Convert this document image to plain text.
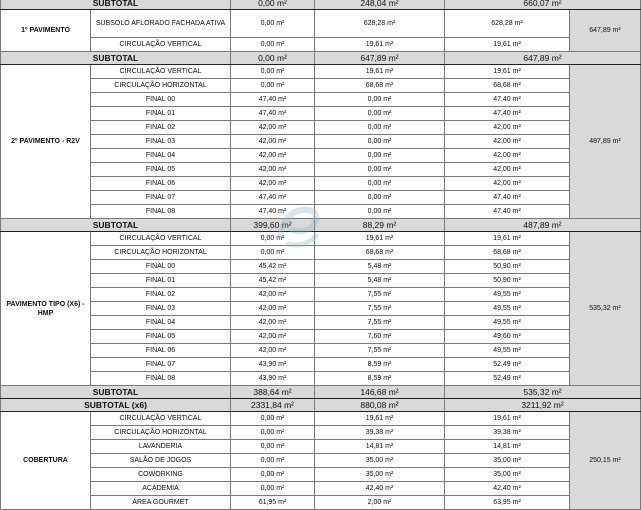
SUBTOTAL		0,00 m²	248,04 m²	660,07 m²	
1º PAVIMENTO	SUBSOLO AFLORADO FACHADA ATIVA	0,00 m²	628,28 m²	628,28 m²	647,89 m²
	CIRCULAÇÃO VERTICAL	0,00 m²	19,61 m²	19,61 m²	
SUBTOTAL		0,00 m²	647,89 m²	647,89 m²	
2º PAVIMENTO - R2V	CIRCULAÇÃO VERTICAL	0,00 m²	19,61 m²	19,61 m²	487,89 m²
	CIRCULAÇÃO HORIZONTAL	0,00 m²	68,68 m²	68,68 m²	
	FINAL 00	47,40 m²	0,00 m²	47,40 m²	
	FINAL 01	47,40 m²	0,00 m²	47,40 m²	
	FINAL 02	42,00 m²	0,00 m²	42,00 m²	
	FINAL 03	42,00 m²	0,00 m²	42,00 m²	
	FINAL 04	42,00 m²	0,00 m²	42,00 m²	
	FINAL 05	42,00 m²	0,00 m²	42,00 m²	
	FINAL 06	42,00 m²	0,00 m²	42,00 m²	
	FINAL 07	47,40 m²	0,00 m²	47,40 m²	
	FINAL 08	47,40 m²	0,00 m²	47,40 m²	
SUBTOTAL		399,60 m²	88,29 m²	487,89 m²	
PAVIMENTO TIPO (X6) - HMP	CIRCULAÇÃO VERTICAL	0,00 m²	19,61 m²	19,61 m²	535,32 m²
	CIRCULAÇÃO HORIZONTAL	0,00 m²	68,68 m²	68,68 m²	
	FINAL 00	45,42 m²	5,48 m²	50,90 m²	
	FINAL 01	45,42 m²	5,48 m²	50,90 m²	
	FINAL 02	42,00 m²	7,55 m²	49,55 m²	
	FINAL 03	42,00 m²	7,55 m²	49,55 m²	
	FINAL 04	42,00 m²	7,55 m²	49,55 m²	
	FINAL 05	42,00 m²	7,60 m²	49,60 m²	
	FINAL 06	42,00 m²	7,55 m²	49,55 m²	
	FINAL 07	43,90 m²	8,59 m²	52,49 m²	
	FINAL 08	43,90 m²	8,59 m²	52,49 m²	
SUBTOTAL		388,64 m²	146,68 m²	535,32 m²	
SUBTOTAL (x6)		2331,84 m²	880,08 m²	3211,92 m²	
COBERTURA	CIRCULAÇÃO VERTICAL	0,00 m²	19,61 m²	19,61 m²	250,15 m²
	CIRCULAÇÃO HORIZONTAL	0,00 m²	39,38 m²	39,38 m²	
	LAVANDERIA	0,00 m²	14,81 m²	14,81 m²	
	SALÃO DE JOGOS	0,00 m²	35,00 m²	35,00 m²	
	COWORKING	0,00 m²	35,00 m²	35,00 m²	
	ACADEMIA	0,00 m²	42,40 m²	42,40 m²	
	ÁREA GOURMET	61,95 m²	2,00 m²	63,95 m²	
